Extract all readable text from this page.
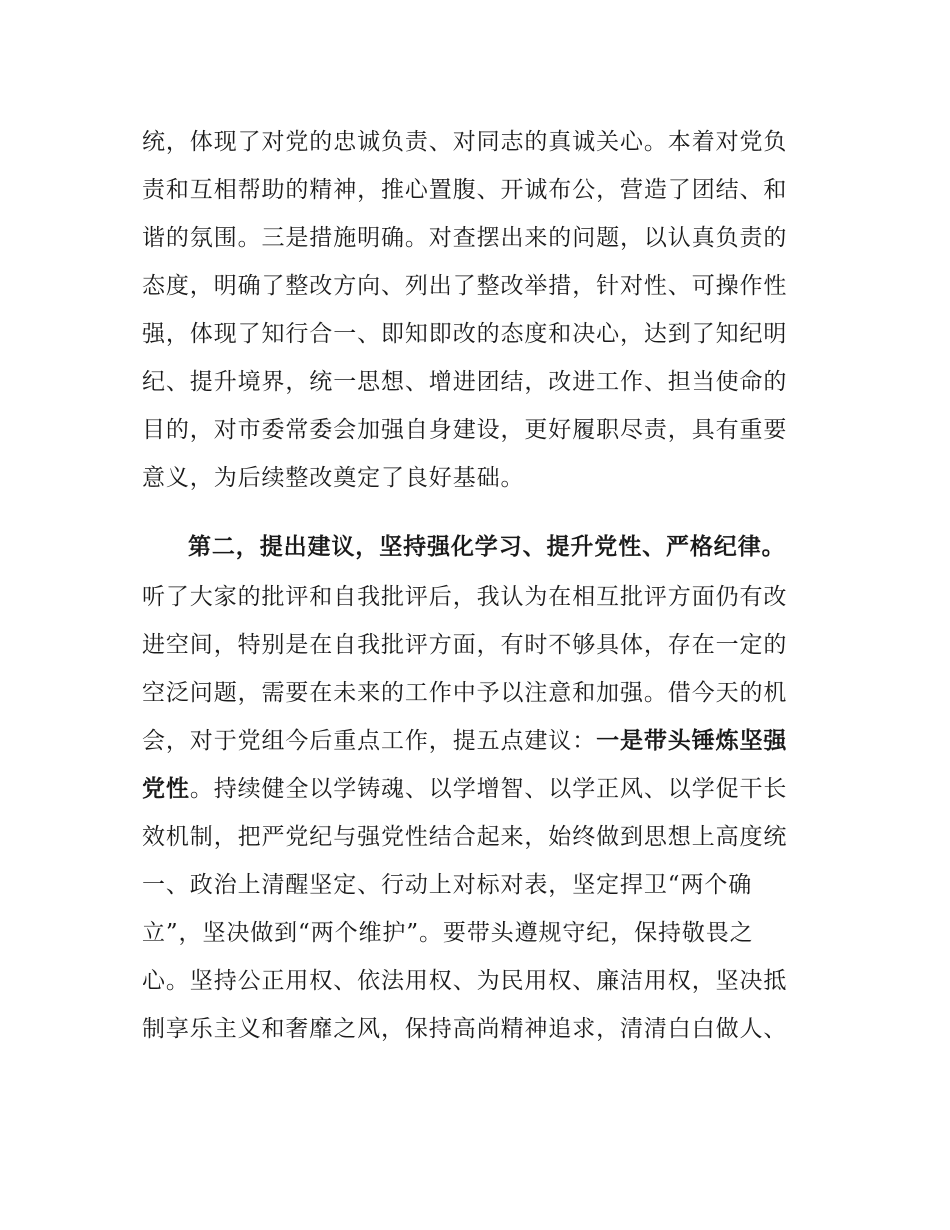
统，体现了对党的忠诚负责、对同志的真诚关心。本着对党负
责和互相帮助的精神，推心置腹、开诚布公，营造了团结、和
谐的氛围。三是措施明确。对查摆出来的问题，以认真负责的
态度，明确了整改方向、列出了整改举措，针对性、可操作性
强，体现了知行合一、即知即改的态度和决心，达到了知纪明
纪、提升境界，统一思想、增进团结，改进工作、担当使命的
目的，对市委常委会加强自身建设，更好履职尽责，具有重要
意义，为后续整改奠定了良好基础。
第二，提出建议，坚持强化学习、提升党性、严格纪律。
听了大家的批评和自我批评后，我认为在相互批评方面仍有改
进空间，特别是在自我批评方面，有时不够具体，存在一定的
空泛问题，需要在未来的工作中予以注意和加强。借今天的机
会，对于党组今后重点工作，提五点建议：一是带头锤炼坚强
党性。持续健全以学铸魂、以学增智、以学正风、以学促干长
效机制，把严党纪与强党性结合起来，始终做到思想上高度统
一、政治上清醒坚定、行动上对标对表，坚定捍卫“两个确
立”，坚决做到“两个维护”。要带头遵规守纪，保持敬畏之
心。坚持公正用权、依法用权、为民用权、廉洁用权，坚决抵
制享乐主义和奢靡之风，保持高尚精神追求，清清白白做人、
